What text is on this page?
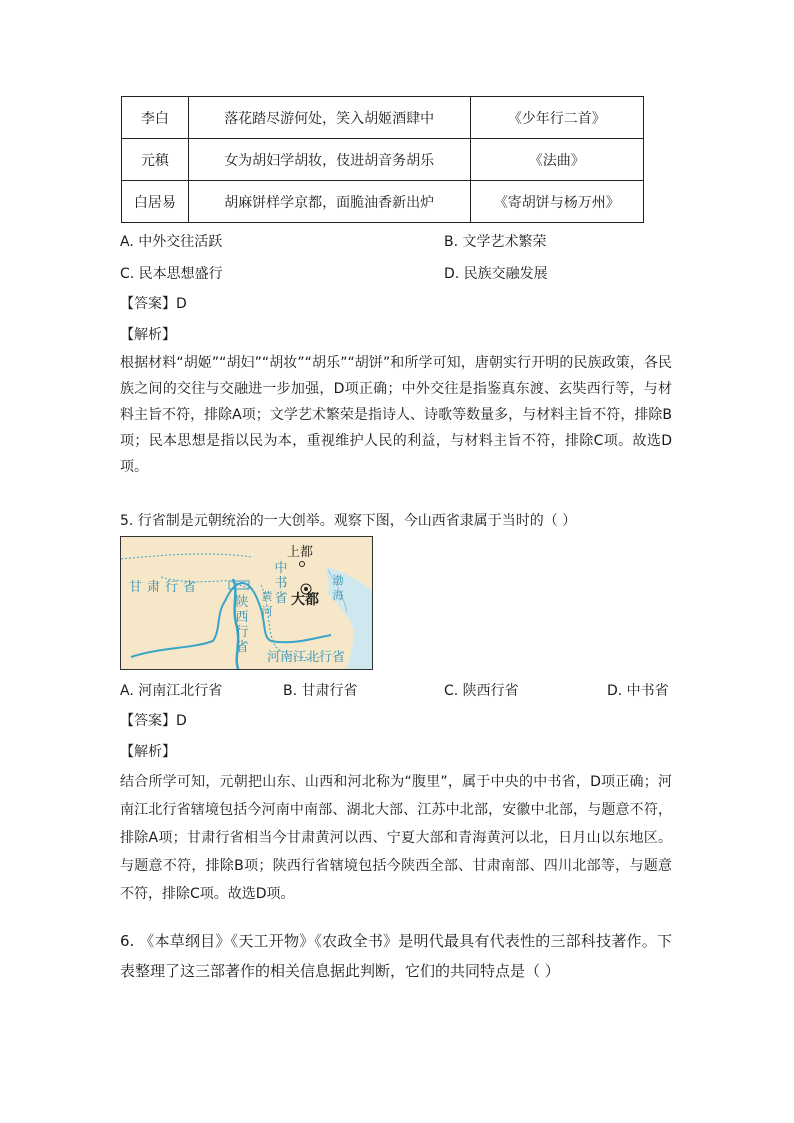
李白	落花踏尽游何处，笑入胡姬酒肆中	《少年行二首》
元稹	女为胡妇学胡妆，伎进胡音务胡乐	《法曲》
白居易	胡麻饼样学京都，面脆油香新出炉	《寄胡饼与杨万州》
A. 中外交往活跃	B. 文学艺术繁荣
C. 民本思想盛行	D. 民族交融发展
【答案】D
【解析】
根据材料“胡姬”“胡妇”“胡妆”“胡乐”“胡饼”和所学可知，唐朝实行开明的民族政策，各民族之间的交往与交融进一步加强，D项正确；中外交往是指鉴真东渡、玄奘西行等，与材料主旨不符，排除A项；文学艺术繁荣是指诗人、诗歌等数量多，与材料主旨不符，排除B项；民本思想是指以民为本，重视维护人民的利益，与材料主旨不符，排除C项。故选D项。
5. 行省制是元朝统治的一大创举。观察下图，今山西省隶属于当时的（ ）
上都
大都
甘肃行省
中书省
陕西行省
河南江北行省
渤海
黄河
A. 河南江北行省	B. 甘肃行省	C. 陕西行省	D. 中书省
【答案】D
【解析】
结合所学可知，元朝把山东、山西和河北称为“腹里”，属于中央的中书省，D项正确；河南江北行省辖境包括今河南中南部、湖北大部、江苏中北部，安徽中北部，与题意不符，排除A项；甘肃行省相当今甘肃黄河以西、宁夏大部和青海黄河以北，日月山以东地区。与题意不符，排除B项；陕西行省辖境包括今陕西全部、甘肃南部、四川北部等，与题意不符，排除C项。故选D项。
6. 《本草纲目》《天工开物》《农政全书》是明代最具有代表性的三部科技著作。下表整理了这三部著作的相关信息据此判断，它们的共同特点是（ ）
